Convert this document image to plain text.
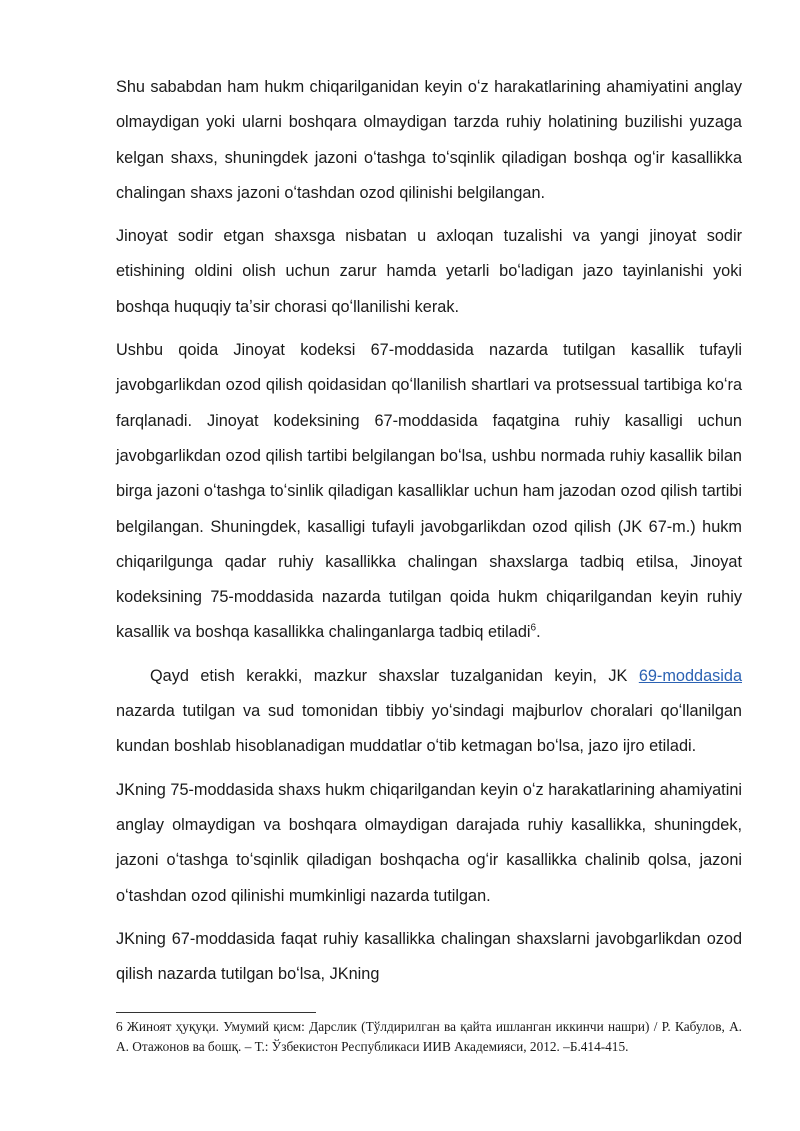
Shu sababdan ham hukm chiqarilganidan keyin oʻz harakatlarining ahamiyatini anglay olmaydigan yoki ularni boshqara olmaydigan tarzda ruhiy holatining buzilishi yuzaga kelgan shaxs, shuningdek jazoni oʻtashga toʻsqinlik qiladigan boshqa ogʻir kasallikka chalingan shaxs jazoni oʻtashdan ozod qilinishi belgilangan.

Jinoyat sodir etgan shaxsga nisbatan u axloqan tuzalishi va yangi jinoyat sodir etishining oldini olish uchun zarur hamda yetarli boʻladigan jazo tayinlanishi yoki boshqa huquqiy taʼsir chorasi qoʻllanilishi kerak.

Ushbu qoida Jinoyat kodeksi 67-moddasida nazarda tutilgan kasallik tufayli javobgarlikdan ozod qilish qoidasidan qoʻllanilish shartlari va protsessual tartibiga koʻra farqlanadi. Jinoyat kodeksining 67-moddasida faqatgina ruhiy kasalligi uchun javobgarlikdan ozod qilish tartibi belgilangan boʻlsa, ushbu normada ruhiy kasallik bilan birga jazoni oʻtashga toʻsinlik qiladigan kasalliklar uchun ham jazodan ozod qilish tartibi belgilangan. Shuningdek, kasalligi tufayli javobgarlikdan ozod qilish (JK 67-m.) hukm chiqarilgunga qadar ruhiy kasallikka chalingan shaxslarga tadbiq etilsa, Jinoyat kodeksining 75-moddasida nazarda tutilgan qoida hukm chiqarilgandan keyin ruhiy kasallik va boshqa kasallikka chalinganlarga tadbiq etiladi$^6$.

Qayd etish kerakki, mazkur shaxslar tuzalganidan keyin, JK 69-moddasida nazarda tutilgan va sud tomonidan tibbiy yoʻsindagi majburlov choralari qoʻllanilgan kundan boshlab hisoblanadigan muddatlar oʻtib ketmagan boʻlsa, jazo ijro etiladi.

JKning 75-moddasida shaxs hukm chiqarilgandan keyin oʻz harakatlarining ahamiyatini anglay olmaydigan va boshqara olmaydigan darajada ruhiy kasallikka, shuningdek, jazoni oʻtashga toʻsqinlik qiladigan boshqacha ogʻir kasallikka chalinib qolsa, jazoni oʻtashdan ozod qilinishi mumkinligi nazarda tutilgan.

JKning 67-moddasida faqat ruhiy kasallikka chalingan shaxslarni javobgarlikdan ozod qilish nazarda tutilgan boʻlsa, JKning

6 Жиноят ҳуқуқи. Умумий қисм: Дарслик (Тўлдирилган ва қайта ишланган иккинчи нашри) / Р. Кабулов, А. А. Отажонов ва бошқ. – Т.: Ўзбекистон Республикаси ИИВ Академияси, 2012. –Б.414-415.
